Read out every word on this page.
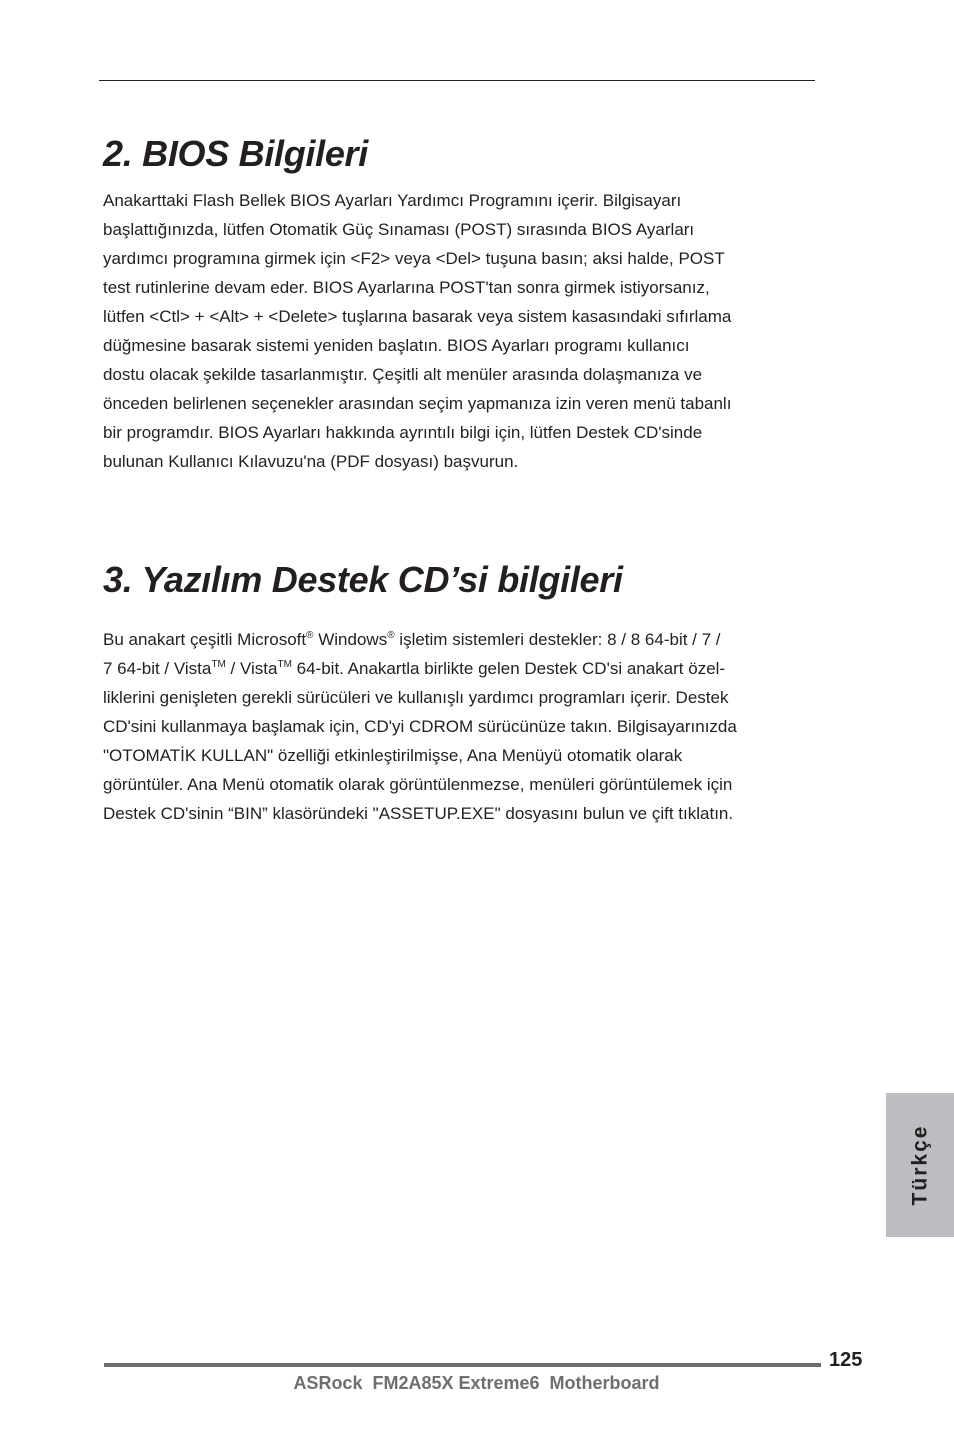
2. BIOS Bilgileri
Anakarttaki Flash Bellek BIOS Ayarları Yardımcı Programını içerir. Bilgisayarı
başlattığınızda, lütfen Otomatik Güç Sınaması (POST) sırasında BIOS Ayarları
yardımcı programına girmek için <F2> veya <Del> tuşuna basın; aksi halde, POST
test rutinlerine devam eder. BIOS Ayarlarına POST'tan sonra girmek istiyorsanız,
lütfen <Ctl> + <Alt> + <Delete> tuşlarına basarak veya sistem kasasındaki sıfırlama
düğmesine basarak sistemi yeniden başlatın. BIOS Ayarları programı kullanıcı
dostu olacak şekilde tasarlanmıştır. Çeşitli alt menüler arasında dolaşmanıza ve
önceden belirlenen seçenekler arasından seçim yapmanıza izin veren menü tabanlı
bir programdır. BIOS Ayarları hakkında ayrıntılı bilgi için, lütfen Destek CD'sinde
bulunan Kullanıcı Kılavuzu'na (PDF dosyası) başvurun.
3. Yazılım Destek CD’si bilgileri
Bu anakart çeşitli Microsoft® Windows® işletim sistemleri destekler: 8 / 8 64-bit / 7 /
7 64-bit / Vista™ / Vista™ 64-bit. Anakartla birlikte gelen Destek CD'si anakart özel-
liklerini genişleten gerekli sürücüleri ve kullanışlı yardımcı programları içerir. Destek
CD'sini kullanmaya başlamak için, CD'yi CDROM sürücünüze takın. Bilgisayarınızda
"OTOMATİK KULLAN" özelliği etkinleştirilmişse, Ana Menüyü otomatik olarak
görüntüler. Ana Menü otomatik olarak görüntülenmezse, menüleri görüntülemek için
Destek CD'sinin “BIN” klasöründeki "ASSETUP.EXE" dosyasını bulun ve çift tıklatın.
Türkçe
125
ASRock  FM2A85X Extreme6  Motherboard
